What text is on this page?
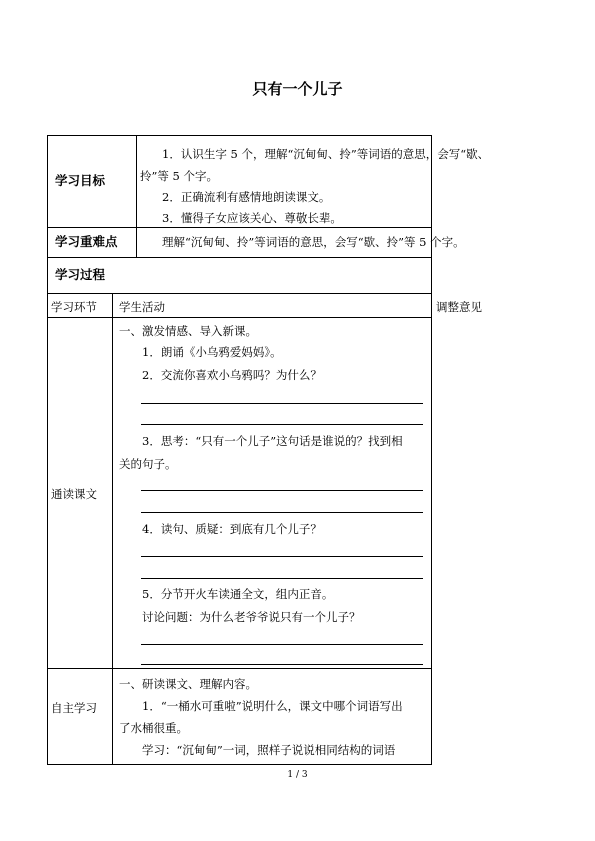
只有一个儿子
学习目标
1．认识生字 5 个，理解“沉甸甸、拎”等词语的意思，会写“歇、
拎”等 5 个字。
2．正确流利有感情地朗读课文。
3．懂得子女应该关心、尊敬长辈。
学习重难点	理解“沉甸甸、拎”等词语的意思，会写“歇、拎”等 5 个字。
学习过程
学习环节 学生活动	调整意见
通读课文
一、激发情感、导入新课。
1．朗诵《小乌鸦爱妈妈》。
2．交流你喜欢小乌鸦吗？为什么？
3．思考：“只有一个儿子”这句话是谁说的？找到相
关的句子。
4．读句、质疑：到底有几个儿子？
5．分节开火车读通全文，组内正音。
讨论问题：为什么老爷爷说只有一个儿子？
自主学习
一、研读课文、理解内容。
1．“一桶水可重啦”说明什么，课文中哪个词语写出
了水桶很重。
学习：“沉甸甸”一词，照样子说说相同结构的词语
1 / 3
